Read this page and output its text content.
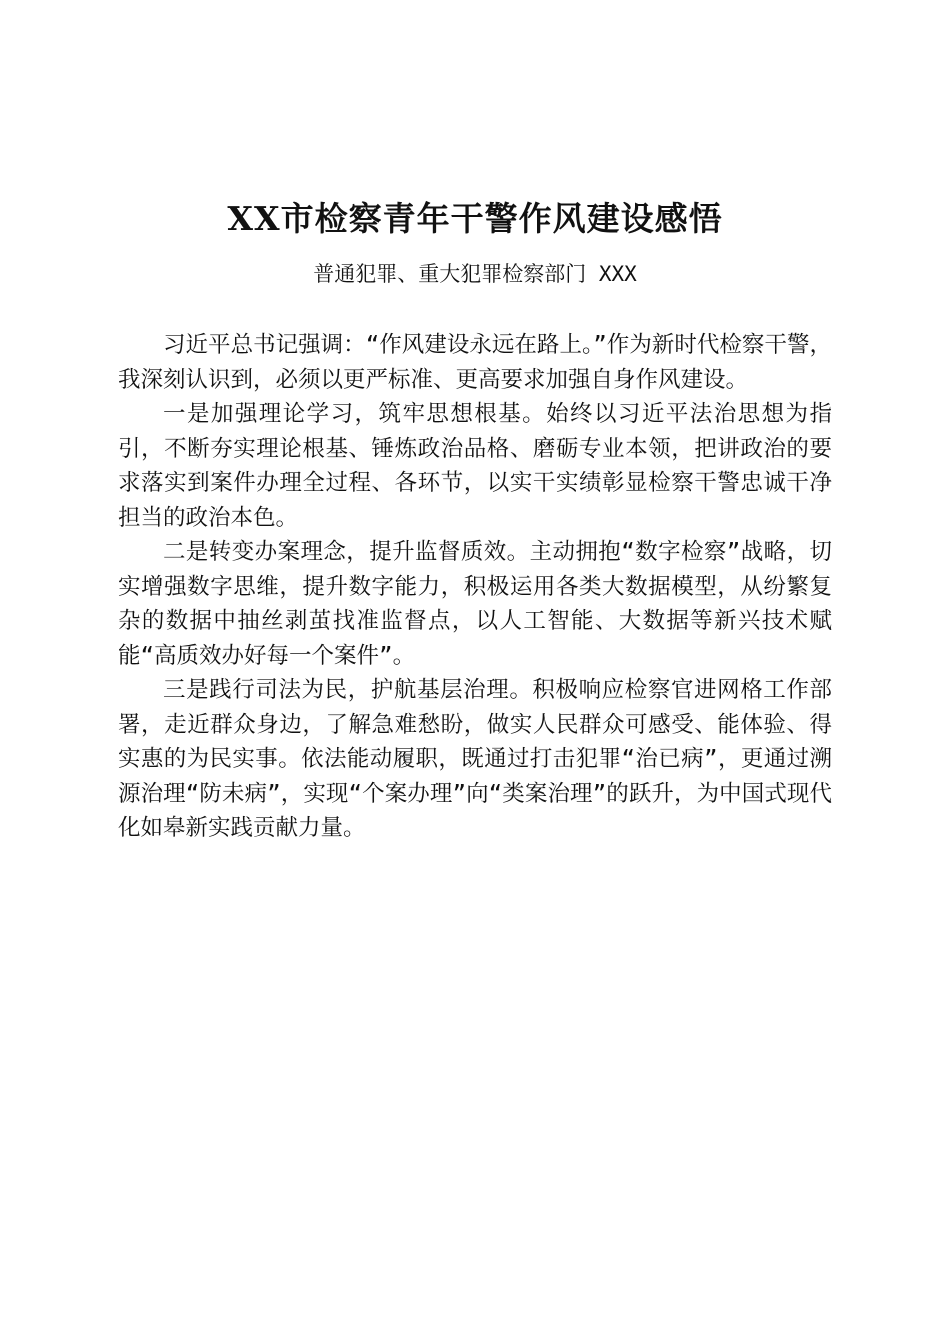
XX市检察青年干警作风建设感悟
普通犯罪、重大犯罪检察部门 XXX

习近平总书记强调：“作风建设永远在路上。”作为新时代检察干警，我深刻认识到，必须以更严标准、更高要求加强自身作风建设。

一是加强理论学习，筑牢思想根基。始终以习近平法治思想为指引，不断夯实理论根基、锤炼政治品格、磨砺专业本领，把讲政治的要求落实到案件办理全过程、各环节，以实干实绩彰显检察干警忠诚干净担当的政治本色。

二是转变办案理念，提升监督质效。主动拥抱“数字检察”战略，切实增强数字思维，提升数字能力，积极运用各类大数据模型，从纷繁复杂的数据中抽丝剥茧找准监督点，以人工智能、大数据等新兴技术赋能“高质效办好每一个案件”。

三是践行司法为民，护航基层治理。积极响应检察官进网格工作部署，走近群众身边，了解急难愁盼，做实人民群众可感受、能体验、得实惠的为民实事。依法能动履职，既通过打击犯罪“治已病”，更通过溯源治理“防未病”，实现“个案办理”向“类案治理”的跃升，为中国式现代化如皋新实践贡献力量。
